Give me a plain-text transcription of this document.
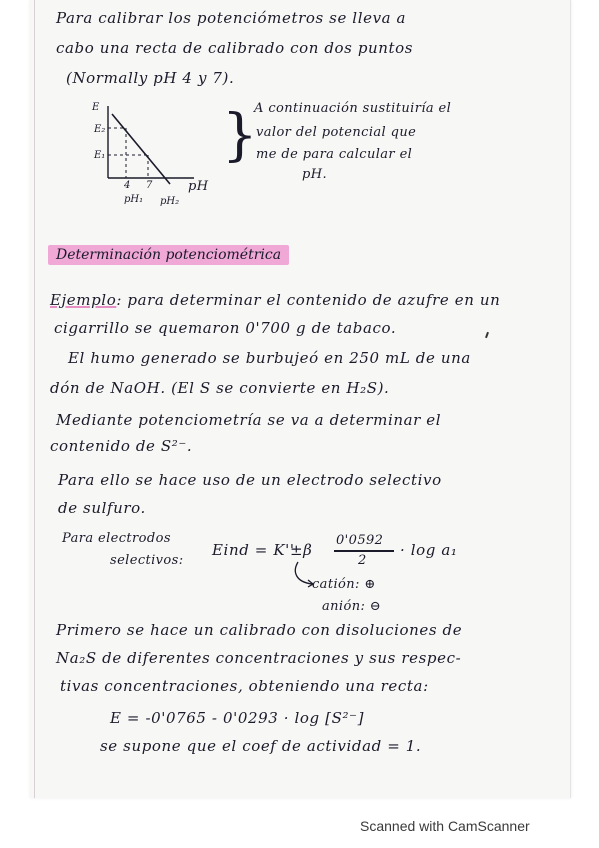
Para calibrar los potenciómetros se lleva a
cabo una recta de calibrado con dos puntos
(Normally pH 4 y 7).
E
E₂
E₁
4 7
pH₁ pH₂
pH
}
A continuación sustituiría el
valor del potencial que
me de para calcular el
pH.
Determinación potenciométrica
Ejemplo: para determinar el contenido de azufre en un
cigarrillo se quemaron 0'700 g de tabaco.
El humo generado se burbujeó en 250 mL de una
dón de NaOH. (El S se convierte en H₂S).
Mediante potenciometría se va a determinar el
contenido de S²⁻.
Para ello se hace uso de un electrodo selectivo
de sulfuro.
Para electrodos
selectivos:
Eind = K''
±β
0'0592
2
· log a₁
catión: ⊕
anión: ⊖
Primero se hace un calibrado con disoluciones de
Na₂S de diferentes concentraciones y sus respec-
tivas concentraciones, obteniendo una recta:
E = -0'0765 - 0'0293 · log [S²⁻]
se supone que el coef de actividad = 1.
Scanned with CamScanner
